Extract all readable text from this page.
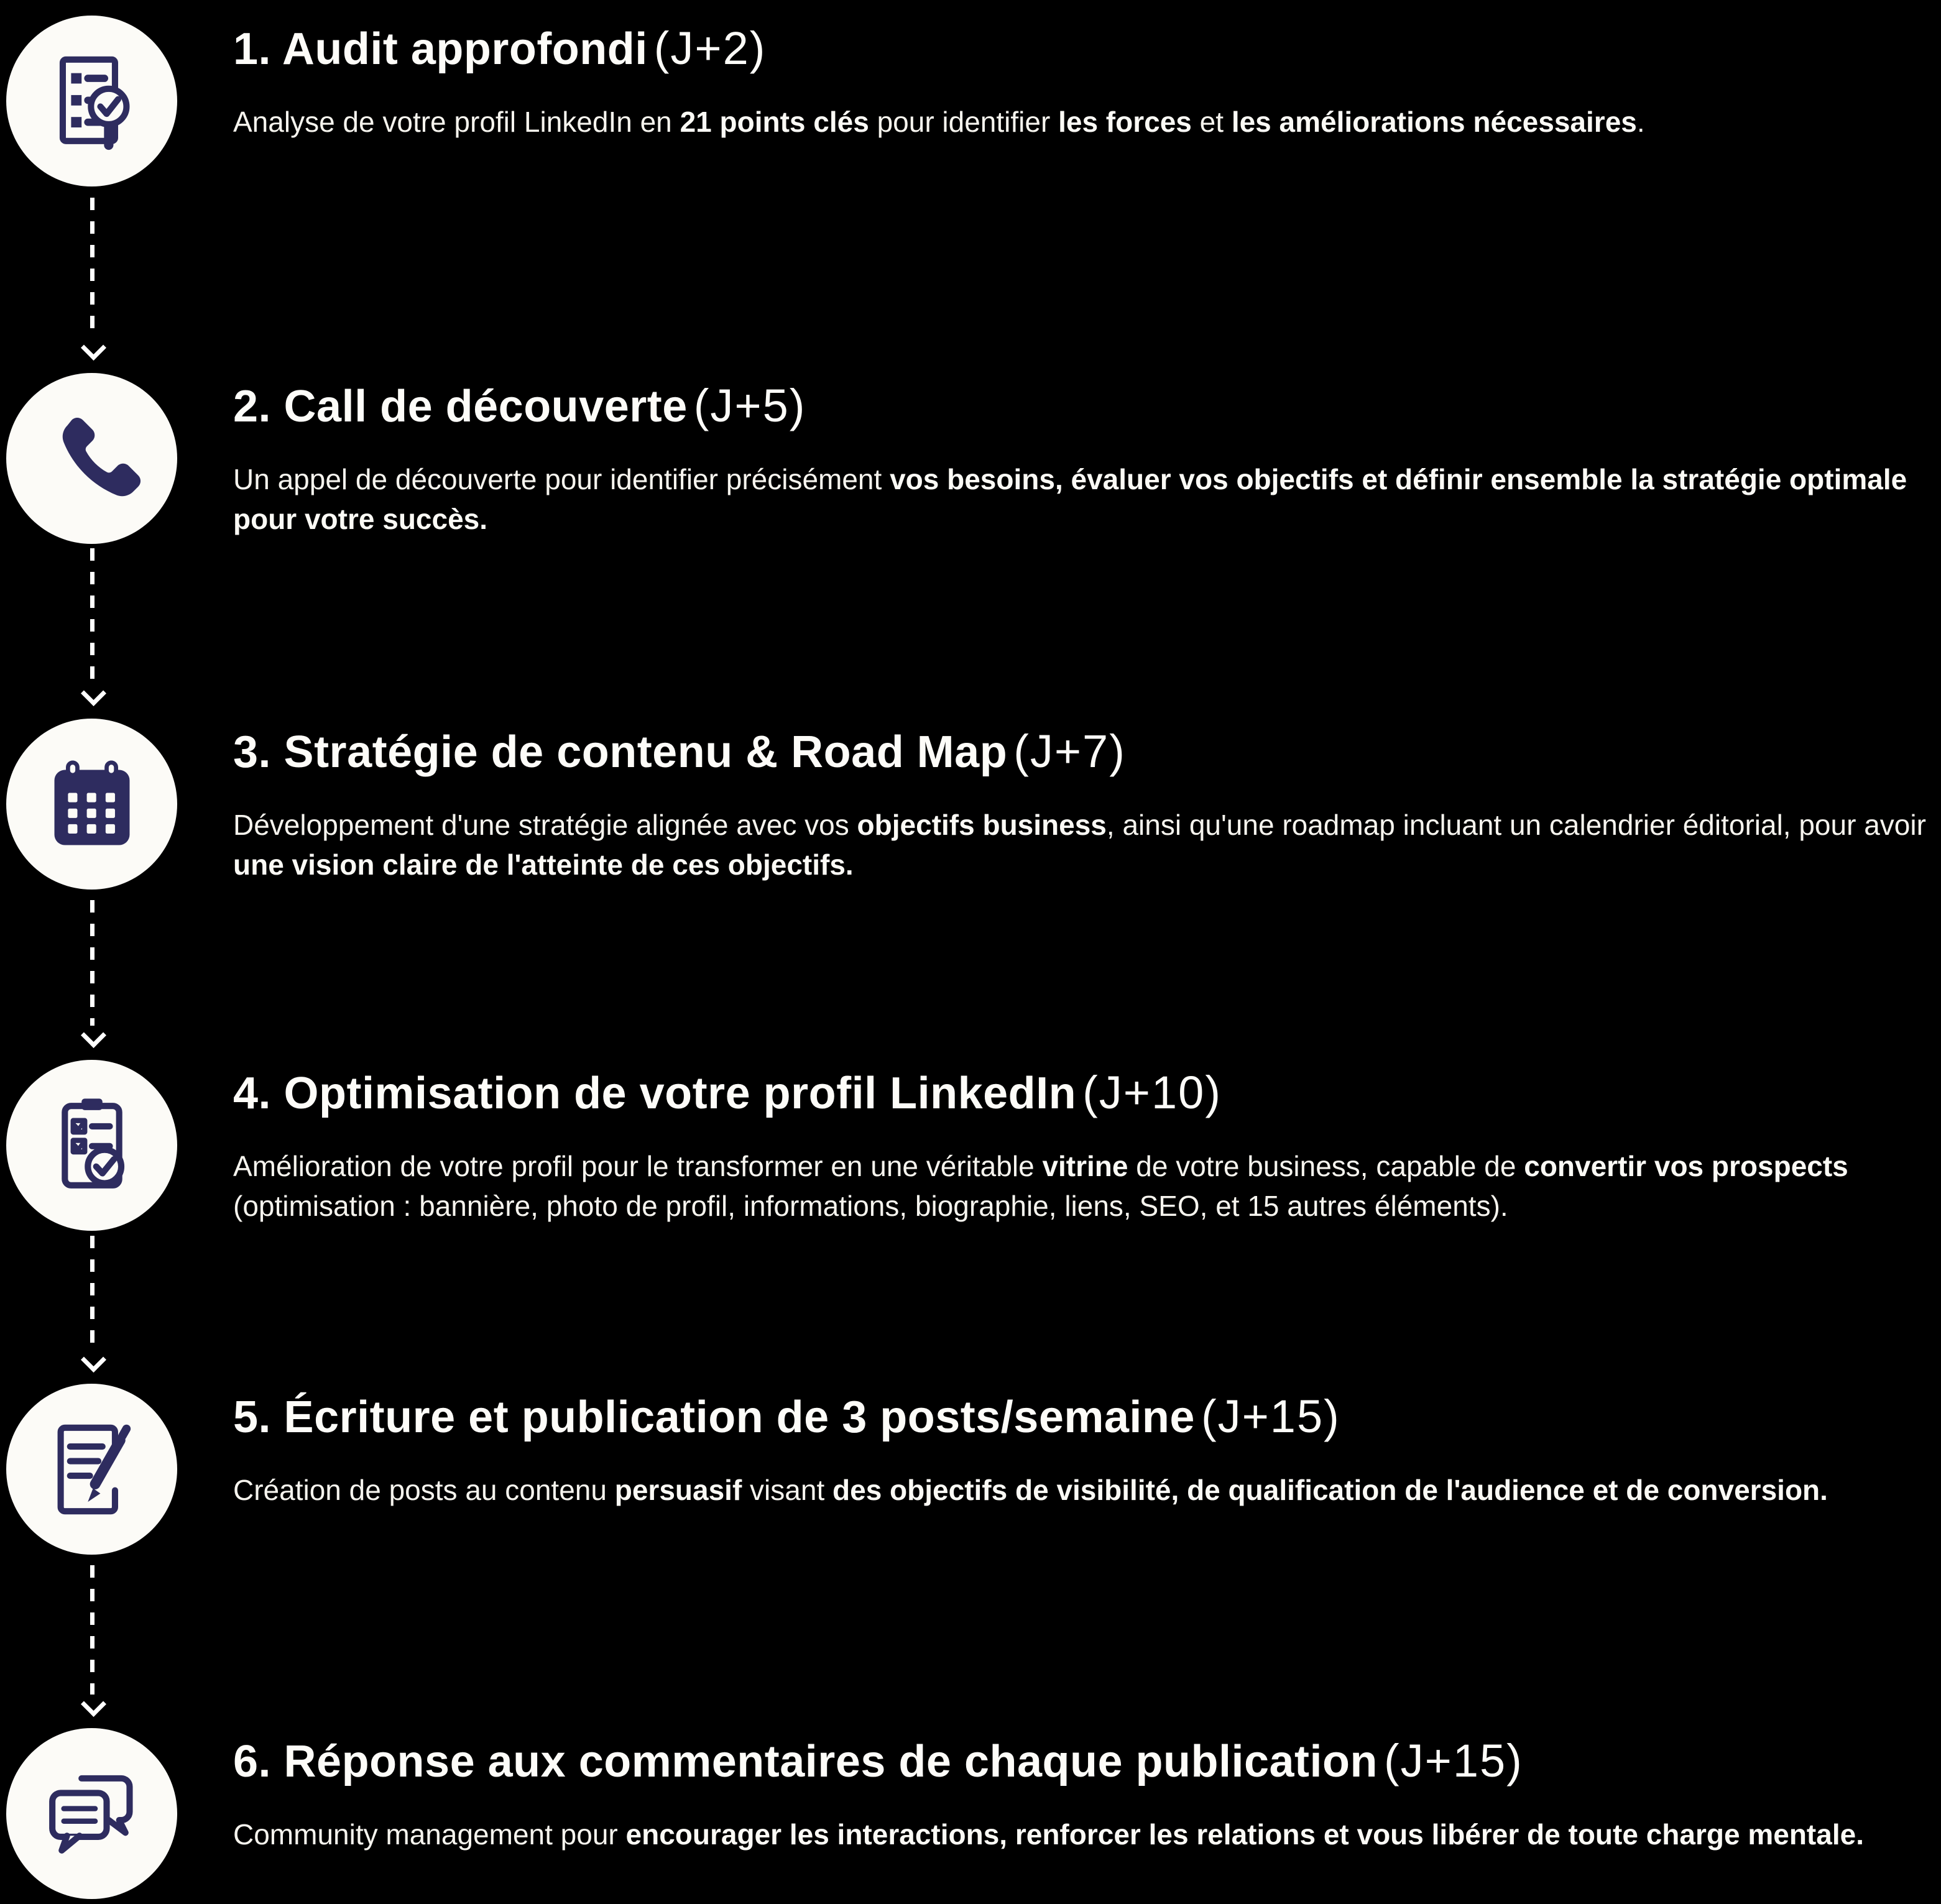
1. Audit approfondi (J+2)

Analyse de votre profil LinkedIn en 21 points clés pour identifier les forces et les améliorations nécessaires.

2. Call de découverte (J+5)

Un appel de découverte pour identifier précisément vos besoins, évaluer vos objectifs et définir ensemble la stratégie optimale pour votre succès.

3. Stratégie de contenu & Road Map (J+7)

Développement d'une stratégie alignée avec vos objectifs business, ainsi qu'une roadmap incluant un calendrier éditorial, pour avoir une vision claire de l'atteinte de ces objectifs.

4. Optimisation de votre profil LinkedIn (J+10)

Amélioration de votre profil pour le transformer en une véritable vitrine de votre business, capable de convertir vos prospects (optimisation : bannière, photo de profil, informations, biographie, liens, SEO, et 15 autres éléments).

5. Écriture et publication de 3 posts/semaine (J+15)

Création de posts au contenu persuasif visant des objectifs de visibilité, de qualification de l'audience et de conversion.

6. Réponse aux commentaires de chaque publication (J+15)

Community management pour encourager les interactions, renforcer les relations et vous libérer de toute charge mentale.
